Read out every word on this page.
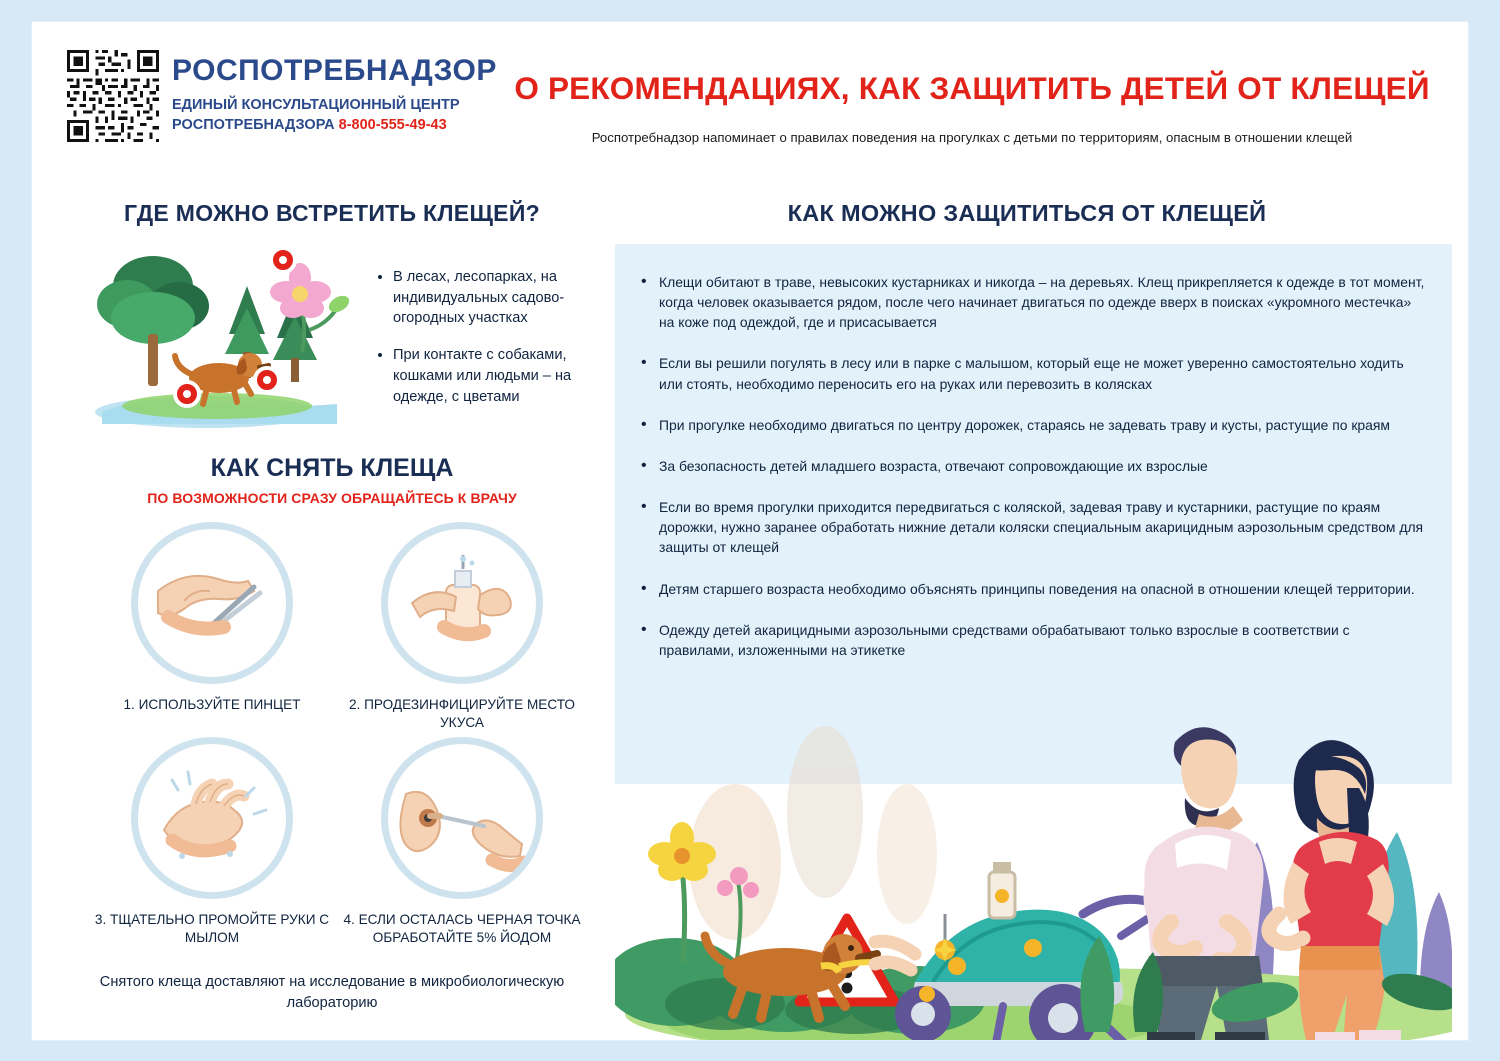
РОСПОТРЕБНАДЗОР
ЕДИНЫЙ КОНСУЛЬТАЦИОННЫЙ ЦЕНТР
РОСПОТРЕБНАДЗОРА 8-800-555-49-43
О РЕКОМЕНДАЦИЯХ, КАК ЗАЩИТИТЬ ДЕТЕЙ ОТ КЛЕЩЕЙ
Роспотребнадзор напоминает о правилах поведения на прогулках с детьми по территориям, опасным в отношении клещей
ГДЕ МОЖНО ВСТРЕТИТЬ КЛЕЩЕЙ?
• В лесах, лесопарках, на индивидуальных садово-огородных участках
• При контакте с собаками, кошками или людьми – на одежде, с цветами
КАК СНЯТЬ КЛЕЩА
ПО ВОЗМОЖНОСТИ СРАЗУ ОБРАЩАЙТЕСЬ К ВРАЧУ
1. ИСПОЛЬЗУЙТЕ ПИНЦЕТ	2. ПРОДЕЗИНФИЦИРУЙТЕ МЕСТО УКУСА
3. ТЩАТЕЛЬНО ПРОМОЙТЕ РУКИ С МЫЛОМ
4. ЕСЛИ ОСТАЛАСЬ ЧЕРНАЯ ТОЧКА ОБРАБОТАЙТЕ 5% ЙОДОМ
Снятого клеща доставляют на исследование в микробиологическую лабораторию
КАК МОЖНО ЗАЩИТИТЬСЯ ОТ КЛЕЩЕЙ
• Клещи обитают в траве, невысоких кустарниках и никогда – на деревьях. Клещ прикрепляется к одежде в тот момент, когда человек оказывается рядом, после чего начинает двигаться по одежде вверх в поисках «укромного местечка» на коже под одеждой, где и присасывается
• Если вы решили погулять в лесу или в парке с малышом, который еще не может уверенно самостоятельно ходить или стоять, необходимо переносить его на руках или перевозить в колясках
• При прогулке необходимо двигаться по центру дорожек, стараясь не задевать траву и кусты, растущие по краям
• За безопасность детей младшего возраста, отвечают сопровождающие их взрослые
• Если во время прогулки приходится передвигаться с коляской, задевая траву и кустарники, растущие по краям дорожки, нужно заранее обработать нижние детали коляски специальным акарицидным аэрозольным средством для защиты от клещей
• Детям старшего возраста необходимо объяснять принципы поведения на опасной в отношении клещей территории.
• Одежду детей акарицидными аэрозольными средствами обрабатывают только взрослые в соответствии с правилами, изложенными на этикетке
